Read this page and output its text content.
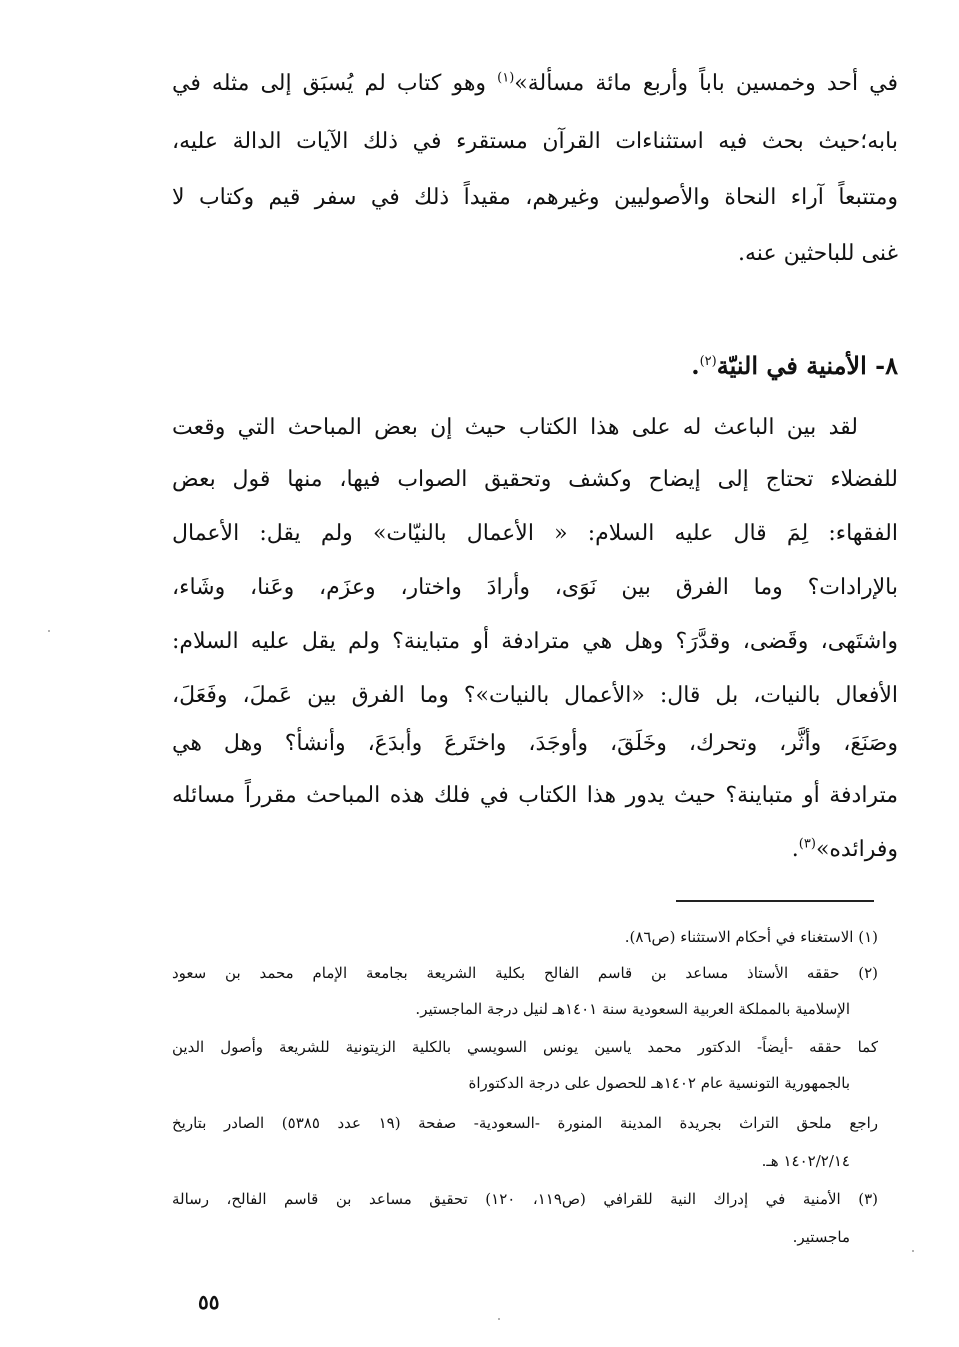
في أحد وخمسين باباً وأربع مائة مسألة»$^{(١)}$ وهو كتاب لم يُسبَق إلى مثله في
بابه؛حيث بحث فيه استثناءات القرآن مستقرء في ذلك الآيات الدالة عليه،
ومتتبعاً آراء النحاة والأصوليين وغيرهم، مقيداً ذلك في سفر قيم وكتاب لا
غنى للباحثين عنه.
٨- الأمنية في النيّة$^{(٢)}$.
لقد بين الباعث له على هذا الكتاب حيث إن بعض المباحث التي وقعت
للفضلاء تحتاج إلى إيضاح وكشف وتحقيق الصواب فيها، منها قول بعض
الفقهاء: لِمَ قال عليه السلام: « الأعمال بالنيّات» ولم يقل: الأعمال
بالإرادات؟ وما الفرق بين نَوَى، وأرادَ واختار، وعزَم، وعَنا، وشَاء،
واشتَهى، وقَضى، وقدَّرَ؟ وهل هي مترادفة أو متباينة؟ ولم يقل عليه السلام:
الأفعال بالنيات، بل قال: «الأعمال بالنيات»؟ وما الفرق بين عَملَ، وفَعَلَ،
وصَنَعَ، وأثَّر، وتحرك، وخَلَقَ، وأوجَدَ، واختَرعَ وأبدَعَ، وأنشأ؟ وهل هي
مترادفة أو متباينة؟ حيث يدور هذا الكتاب في فلك هذه المباحث مقرراً مسائله
وفرائده»$^{(٣)}$.
(١) الاستغناء في أحكام الاستثناء (ص٨٦).
(٢) حققه الأستاذ مساعد بن قاسم الفالح بكلية الشريعة بجامعة الإمام محمد بن سعود
الإسلامية بالمملكة العربية السعودية سنة ١٤٠١هـ لنيل درجة الماجستير.
كما حققه -أيضاً- الدكتور محمد ياسين يونس السويسي بالكلية الزيتونية للشريعة وأصول الدين
بالجمهورية التونسية عام ١٤٠٢هـ للحصول على درجة الدكتوراة
راجع ملحق التراث بجريدة المدينة المنورة -السعودية- صفحة (١٩ عدد ٥٣٨٥) الصادر بتاريخ
١٤٠٢/٢/١٤ هـ.
(٣) الأمنية في إدراك النية للقرافي (ص١١٩، ١٢٠) تحقيق مساعد بن قاسم الفالح، رسالة
ماجستير.
٥٥
